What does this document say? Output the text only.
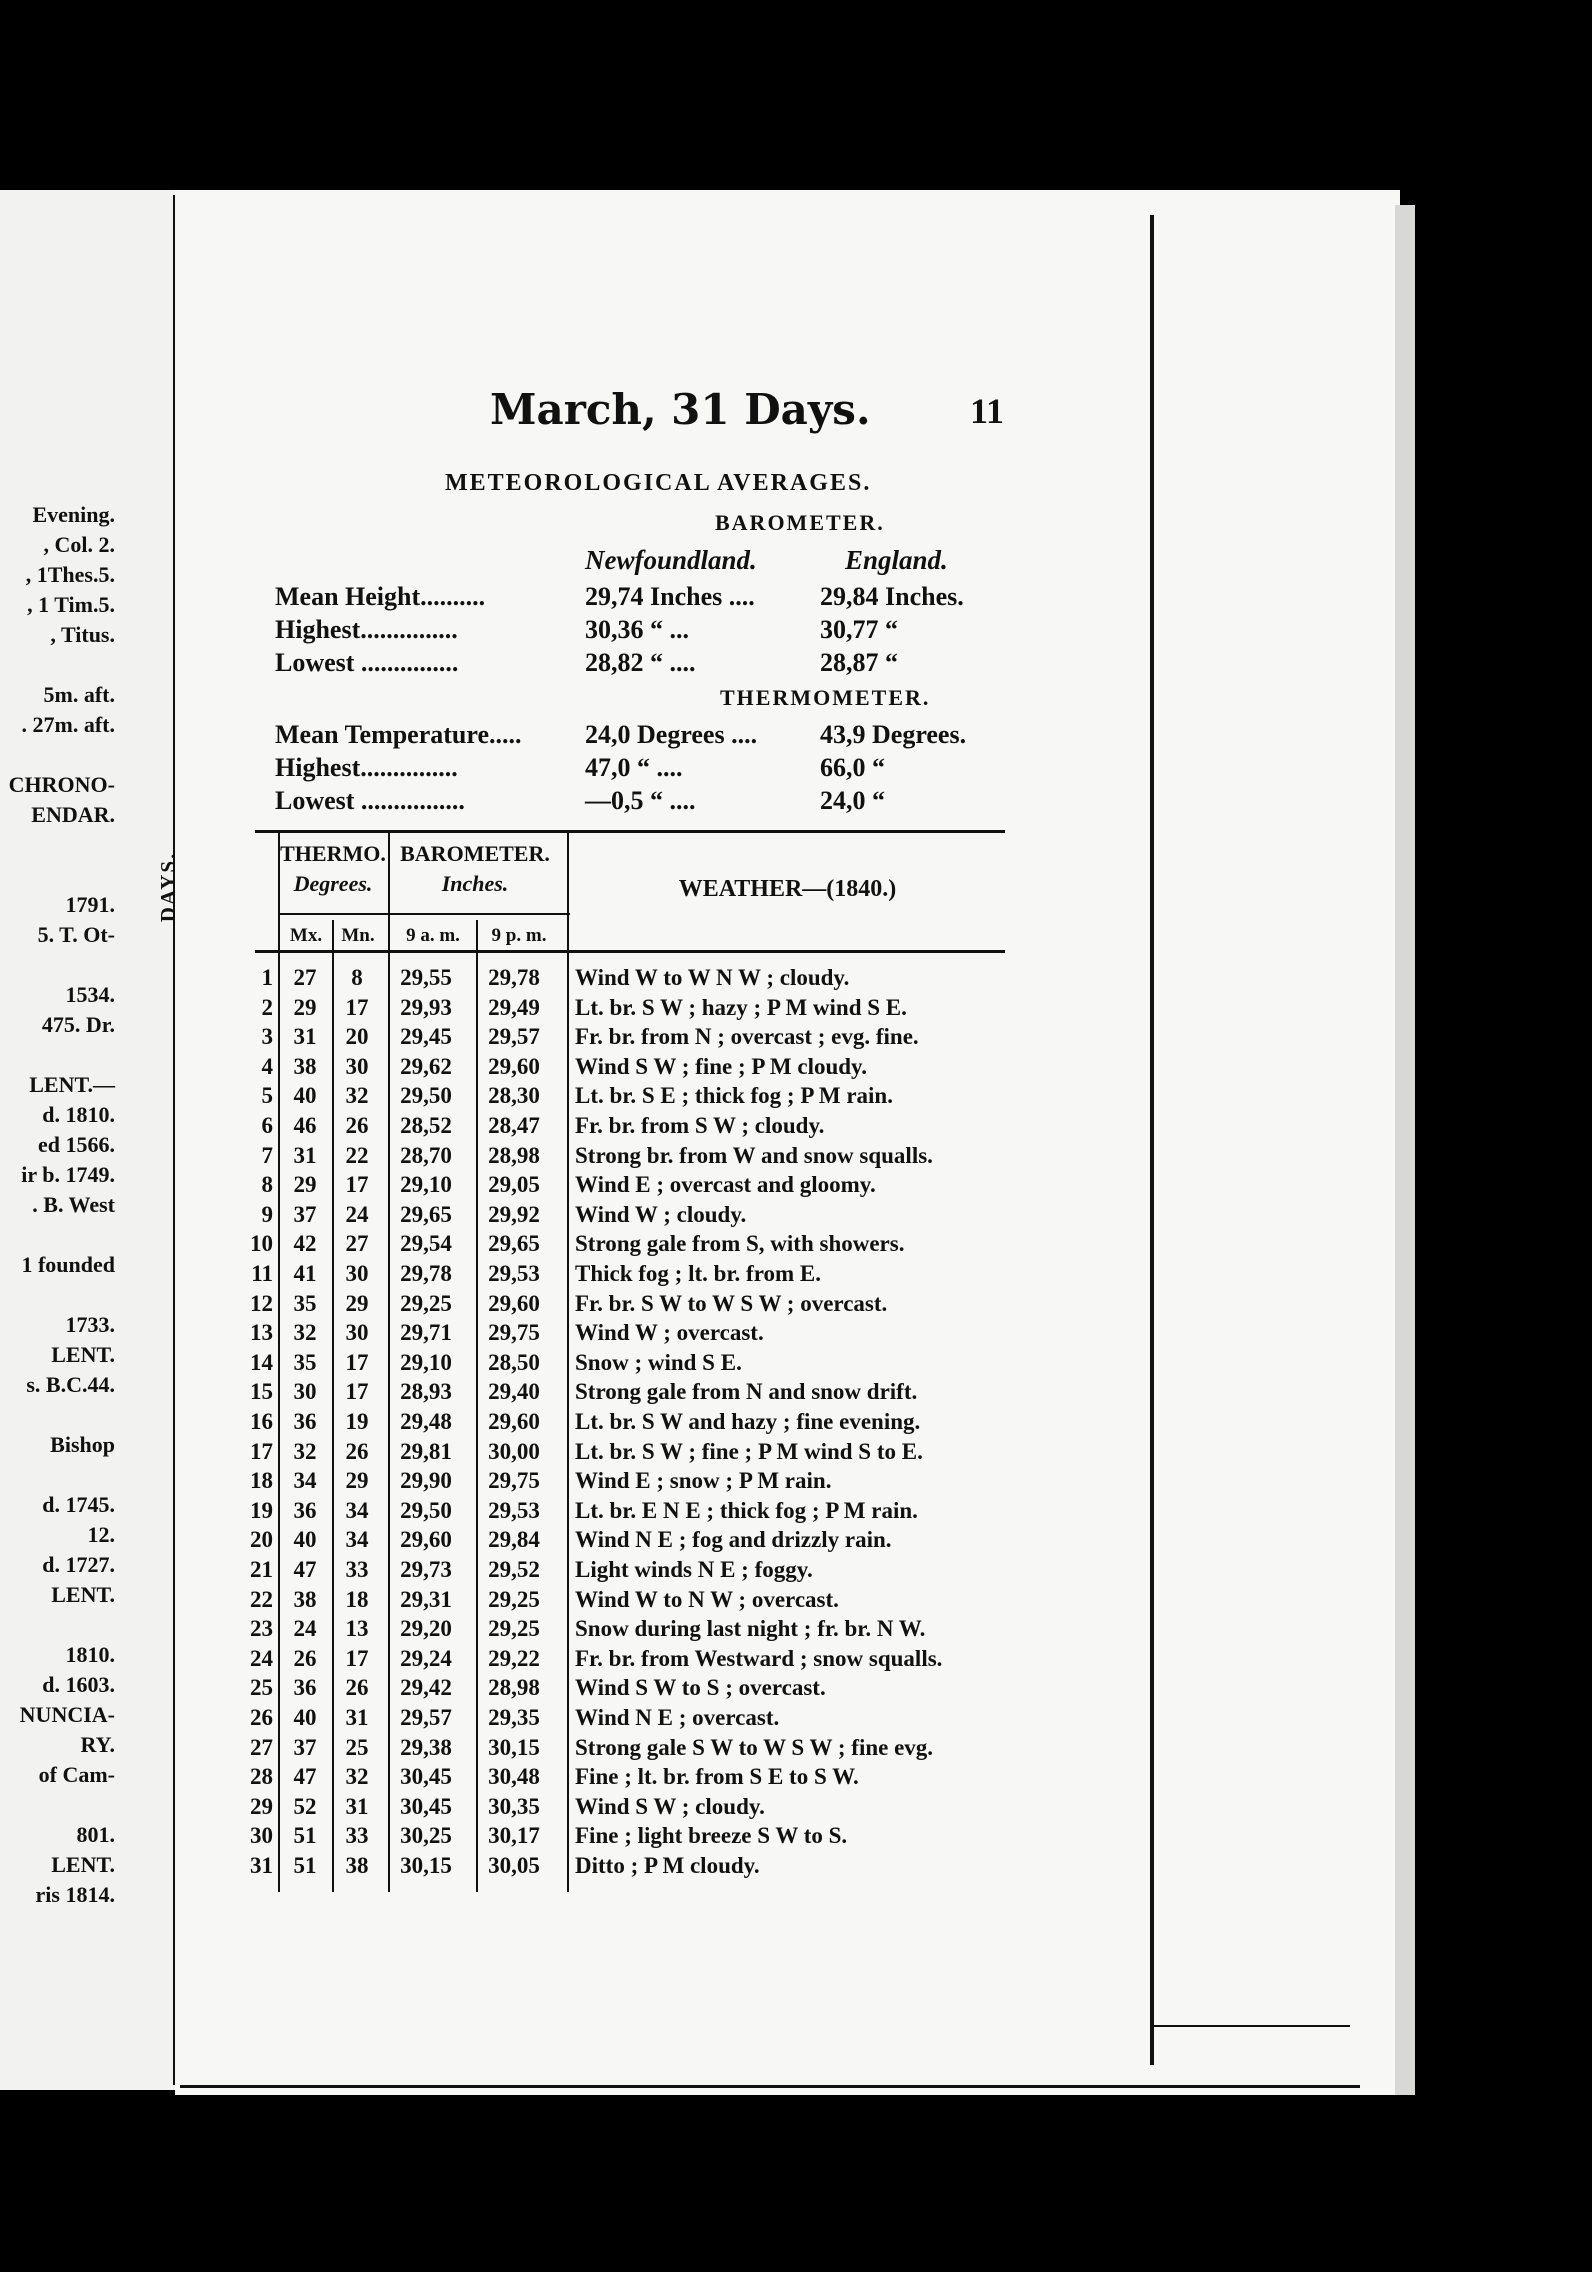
Evening.
, Col. 2.
, 1Thes.5.
, 1 Tim.5.
, Titus.
5m. aft.
. 27m. aft.
CHRONO-
ENDAR.
1791.
5. T. Ot-
1534.
475. Dr.
LENT.—
d. 1810.
ed 1566.
ir b. 1749.
. B. West
1 founded
1733.
LENT.
s. B.C.44.
Bishop
d. 1745.
12.
d. 1727.
LENT.
1810.
d. 1603.
NUNCIA-
RY.
of Cam-
801.
LENT.
ris 1814.
March, 31 Days.	11
METEOROLOGICAL AVERAGES.
BAROMETER.
Newfoundland.	England.
Mean Height..........	29,74 Inches ....	29,84 Inches.
Highest...............	30,36 “ ...	30,77 “
Lowest ...............	28,82 “ ....	28,87 “
THERMOMETER.
Mean Temperature..... 24,0 Degrees .... 43,9 Degrees.
Highest...............	47,0 “ ....	66,0 “
Lowest ................	—0,5 “ ....	24,0 “
DAYS.	THERMO.
Degrees.
BAROMETER.
Inches.	WEATHER—(1840.)
Mx.	Mn.	9 a. m.	9 p. m.
1 27	8	29,55	29,78	Wind W to W N W ; cloudy.
2 29	17	29,93	29,49	Lt. br. S W ; hazy ; P M wind S E.
3 31	20	29,45	29,57	Fr. br. from N ; overcast ; evg. fine.
4 38	30	29,62	29,60	Wind S W ; fine ; P M cloudy.
5 40	32	29,50	28,30	Lt. br. S E ; thick fog ; P M rain.
6 46	26	28,52	28,47	Fr. br. from S W ; cloudy.
7 31	22	28,70	28,98	Strong br. from W and snow squalls.
8 29	17	29,10	29,05	Wind E ; overcast and gloomy.
9 37	24	29,65	29,92	Wind W ; cloudy.
10 42	27	29,54	29,65	Strong gale from S, with showers.
11 41	30	29,78	29,53	Thick fog ; lt. br. from E.
12 35	29	29,25	29,60	Fr. br. S W to W S W ; overcast.
13 32	30	29,71	29,75	Wind W ; overcast.
14 35	17	29,10	28,50	Snow ; wind S E.
15 30	17	28,93	29,40	Strong gale from N and snow drift.
16 36	19	29,48	29,60	Lt. br. S W and hazy ; fine evening.
17 32	26	29,81	30,00	Lt. br. S W ; fine ; P M wind S to E.
18 34	29	29,90	29,75	Wind E ; snow ; P M rain.
19 36	34	29,50	29,53	Lt. br. E N E ; thick fog ; P M rain.
20 40	34	29,60	29,84	Wind N E ; fog and drizzly rain.
21 47	33	29,73	29,52	Light winds N E ; foggy.
22 38	18	29,31	29,25	Wind W to N W ; overcast.
23 24	13	29,20	29,25	Snow during last night ; fr. br. N W.
24 26	17	29,24	29,22	Fr. br. from Westward ; snow squalls.
25 36	26	29,42	28,98	Wind S W to S ; overcast.
26 40	31	29,57	29,35	Wind N E ; overcast.
27 37	25	29,38	30,15	Strong gale S W to W S W ; fine evg.
28 47	32	30,45	30,48	Fine ; lt. br. from S E to S W.
29 52	31	30,45	30,35	Wind S W ; cloudy.
30 51	33	30,25	30,17	Fine ; light breeze S W to S.
31 51	38	30,15	30,05	Ditto ; P M cloudy.
